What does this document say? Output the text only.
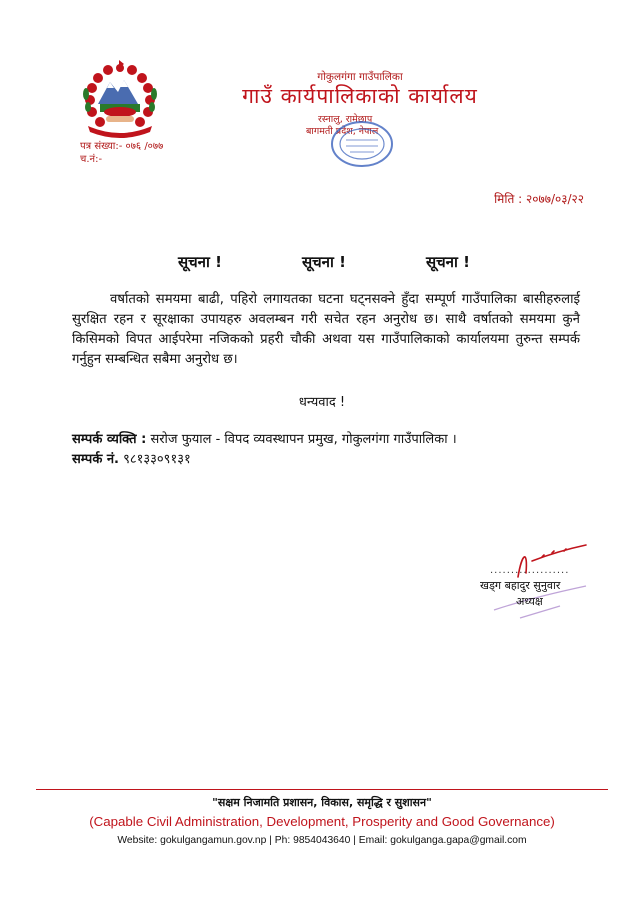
गोकुलगंगा गाउँपालिका
गाउँ कार्यपालिकाको कार्यालय
रस्नालु, रामेछाप
बागमती प्रदेश, नेपाल
पत्र संख्या:- ०७६ /०७७
च.नं:-
मिति : २०७७/०३/२२
सूचना !	सूचना !	सूचना !

वर्षातको समयमा बाढी, पहिरो लगायतका घटना घट्नसक्ने हुँदा सम्पूर्ण गाउँपालिका बासीहरुलाई सुरक्षित रहन र सूरक्षाका उपायहरु अवलम्बन गरी सचेत रहन अनुरोध छ। साथै वर्षातको समयमा कुनै किसिमको विपत आईपरेमा नजिकको प्रहरी चौकी अथवा यस गाउँपालिकाको कार्यालयमा तुरुन्त सम्पर्क गर्नुहुन सम्बन्धित सबैमा अनुरोध छ।

धन्यवाद !
सम्पर्क व्यक्ति : सरोज फुयाल - विपद व्यवस्थापन प्रमुख, गोकुलगंगा गाउँपालिका ।
सम्पर्क नं. ९८१३३०९१३१
...................
खड्ग बहादुर सुनुवार
अध्यक्ष
"सक्षम निजामति प्रशासन, विकास, समृद्धि र सुशासन"
(Capable Civil Administration, Development, Prosperity and Good Governance)
Website: gokulgangamun.gov.np | Ph: 9854043640 | Email: gokulganga.gapa@gmail.com
